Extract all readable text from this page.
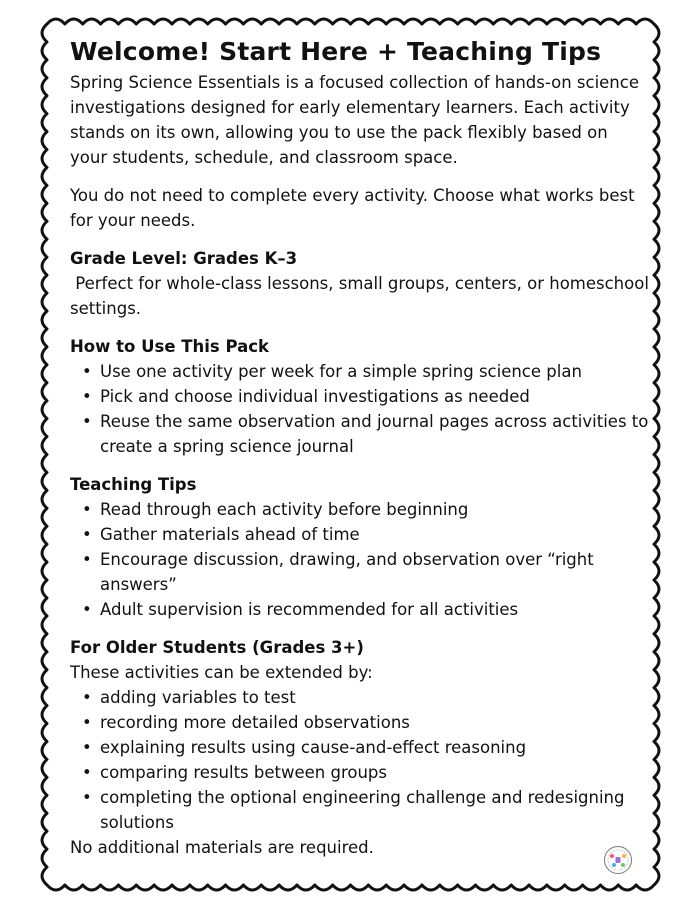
Welcome! Start Here + Teaching Tips

Spring Science Essentials is a focused collection of hands-on science investigations designed for early elementary learners. Each activity stands on its own, allowing you to use the pack flexibly based on your students, schedule, and classroom space.

You do not need to complete every activity. Choose what works best for your needs.

Grade Level: Grades K–3

Perfect for whole-class lessons, small groups, centers, or homeschool settings.

How to Use This Pack

• Use one activity per week for a simple spring science plan
• Pick and choose individual investigations as needed
• Reuse the same observation and journal pages across activities to create a spring science journal

Teaching Tips

• Read through each activity before beginning
• Gather materials ahead of time
• Encourage discussion, drawing, and observation over “right answers”
• Adult supervision is recommended for all activities

For Older Students (Grades 3+)

These activities can be extended by:

• adding variables to test
• recording more detailed observations
• explaining results using cause-and-effect reasoning
• comparing results between groups
• completing the optional engineering challenge and redesigning solutions

No additional materials are required.
